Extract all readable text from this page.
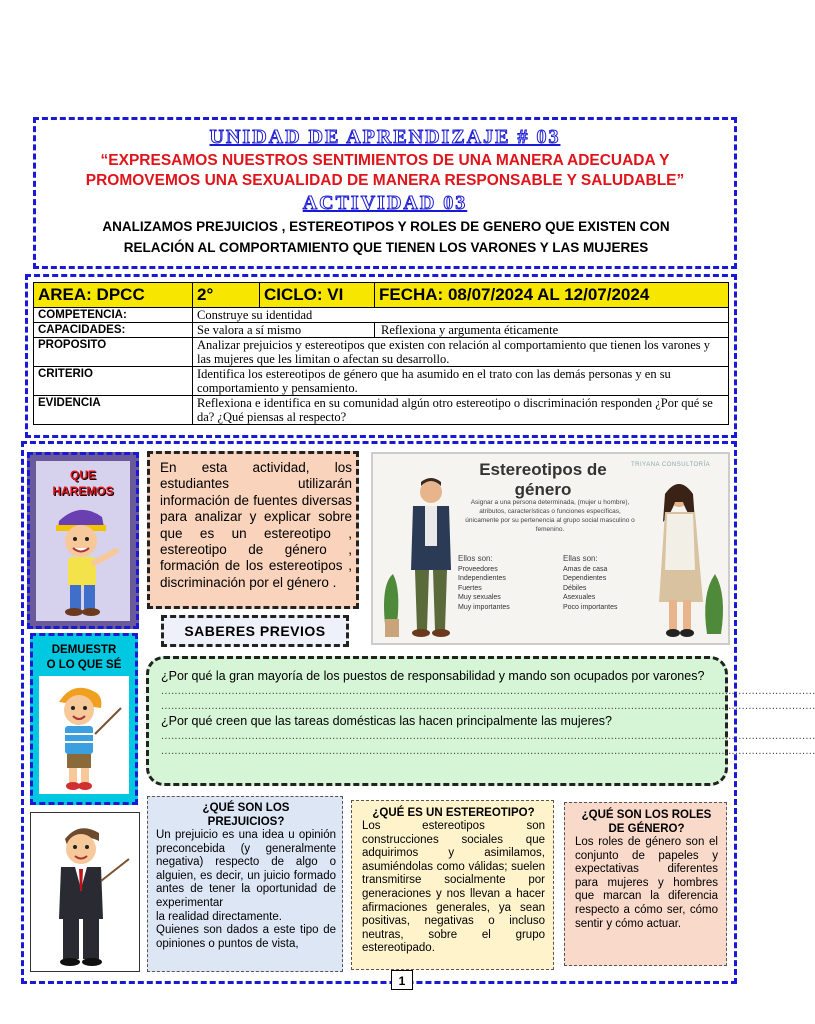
UNIDAD DE APRENDIZAJE # 03
“EXPRESAMOS NUESTROS SENTIMIENTOS DE UNA MANERA ADECUADA Y
PROMOVEMOS UNA SEXUALIDAD DE MANERA RESPONSABLE Y SALUDABLE”
ACTIVIDAD 03
ANALIZAMOS PREJUICIOS , ESTEREOTIPOS Y ROLES DE GENERO QUE EXISTEN CON
RELACIÓN AL COMPORTAMIENTO QUE TIENEN LOS VARONES Y LAS MUJERES
AREA: DPCC	2°	CICLO: VI	FECHA: 08/07/2024 AL 12/07/2024
COMPETENCIA:	Construye su identidad		
CAPACIDADES:	Se valora a sí mismo		Reflexiona y argumenta éticamente
PROPOSITO	Analizar prejuicios y estereotipos que existen con relación al comportamiento que tienen los varones y las mujeres que les limitan o afectan su desarrollo.		
CRITERIO	Identifica los estereotipos de género que ha asumido en el trato con las demás personas y en su comportamiento y pensamiento.		
EVIDENCIA	Reflexiona e identifica en su comunidad algún otro estereotipo o discriminación responden ¿Por qué se da? ¿Qué piensas al respecto?		
QUE
HAREMOS
En esta actividad, los estudiantes utilizarán información de fuentes diversas para analizar y explicar sobre que es un estereotipo , estereotipo de género , formación de los estereotipos , discriminación por el género .
Estereotipos de género
TRIYANA CONSULTORÍA
Asignar a una persona determinada, (mujer u hombre), atributos, características o funciones específicas, únicamente por su pertenencia al grupo social masculino o femenino.
Ellos son:
Proveedores
Independientes
Fuertes
Muy sexuales
Muy importantes
Ellas son:
Amas de casa
Dependientes
Débiles
Asexuales
Poco importantes
SABERES PREVIOS
DEMUESTR
O LO QUE SÉ

¿Por qué la gran mayoría de los puestos de responsabilidad y mando son ocupados por varones?

...................................................................................................................................................................................................
...................................................................................................................................................................................................

¿Por qué creen que las tareas domésticas las hacen principalmente las mujeres?

...................................................................................................................................................................................................
...................................................................................................................................................................................................
¿QUÉ SON LOS
PREJUICIOS?
Un prejuicio es una idea u opinión preconcebida (y generalmente negativa) respecto de algo o alguien, es decir, un juicio formado antes de tener la oportunidad de experimentar
la realidad directamente.
Quienes son dados a este tipo de opiniones o puntos de vista,
¿QUÉ ES UN ESTEREOTIPO?
Los estereotipos son construcciones sociales que adquirimos y asimilamos, asumiéndolas como válidas; suelen transmitirse socialmente por generaciones y nos llevan a hacer afirmaciones generales, ya sean positivas, negativas o incluso neutras, sobre el grupo estereotipado.
¿QUÉ SON LOS ROLES
DE GÉNERO?
Los roles de género son el conjunto de papeles y expectativas diferentes para mujeres y hombres que marcan la diferencia respecto a cómo ser, cómo sentir y cómo actuar.
1
